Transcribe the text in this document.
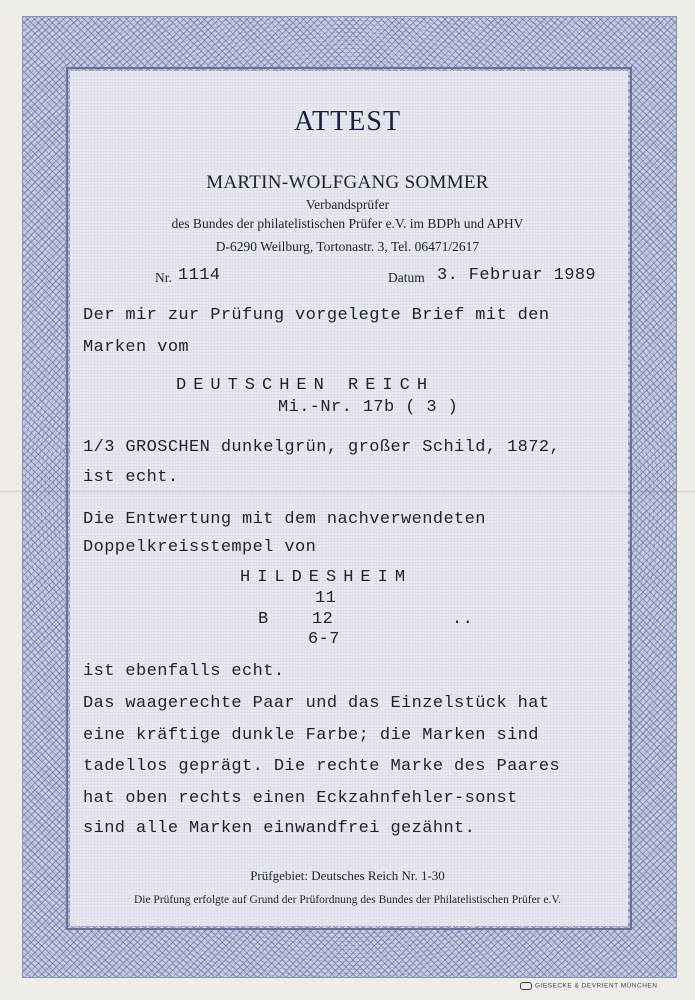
ATTEST
MARTIN-WOLFGANG SOMMER
Verbandsprüfer
des Bundes der philatelistischen Prüfer e.V. im BDPh und APHV
D-6290 Weilburg, Tortonastr. 3, Tel. 06471/2617
Nr. 1114	Datum 3. Februar 1989
Der mir zur Prüfung vorgelegte Brief mit den
Marken vom
DEUTSCHEN REICH
Mi.-Nr. 17b ( 3 )
1/3 GROSCHEN dunkelgrün, großer Schild, 1872,
ist echt.
Die Entwertung mit dem nachverwendeten
Doppelkreisstempel von
HILDESHEIM
11
B	12	..
6-7
ist ebenfalls echt.
Das waagerechte Paar und das Einzelstück hat
eine kräftige dunkle Farbe; die Marken sind
tadellos geprägt. Die rechte Marke des Paares
hat oben rechts einen Eckzahnfehler-sonst
sind alle Marken einwandfrei gezähnt.
Prüfgebiet: Deutsches Reich Nr. 1-30
Die Prüfung erfolgte auf Grund der Prüfordnung des Bundes der Philatelistischen Prüfer e.V.
GIESECKE & DEVRIENT MÜNCHEN
